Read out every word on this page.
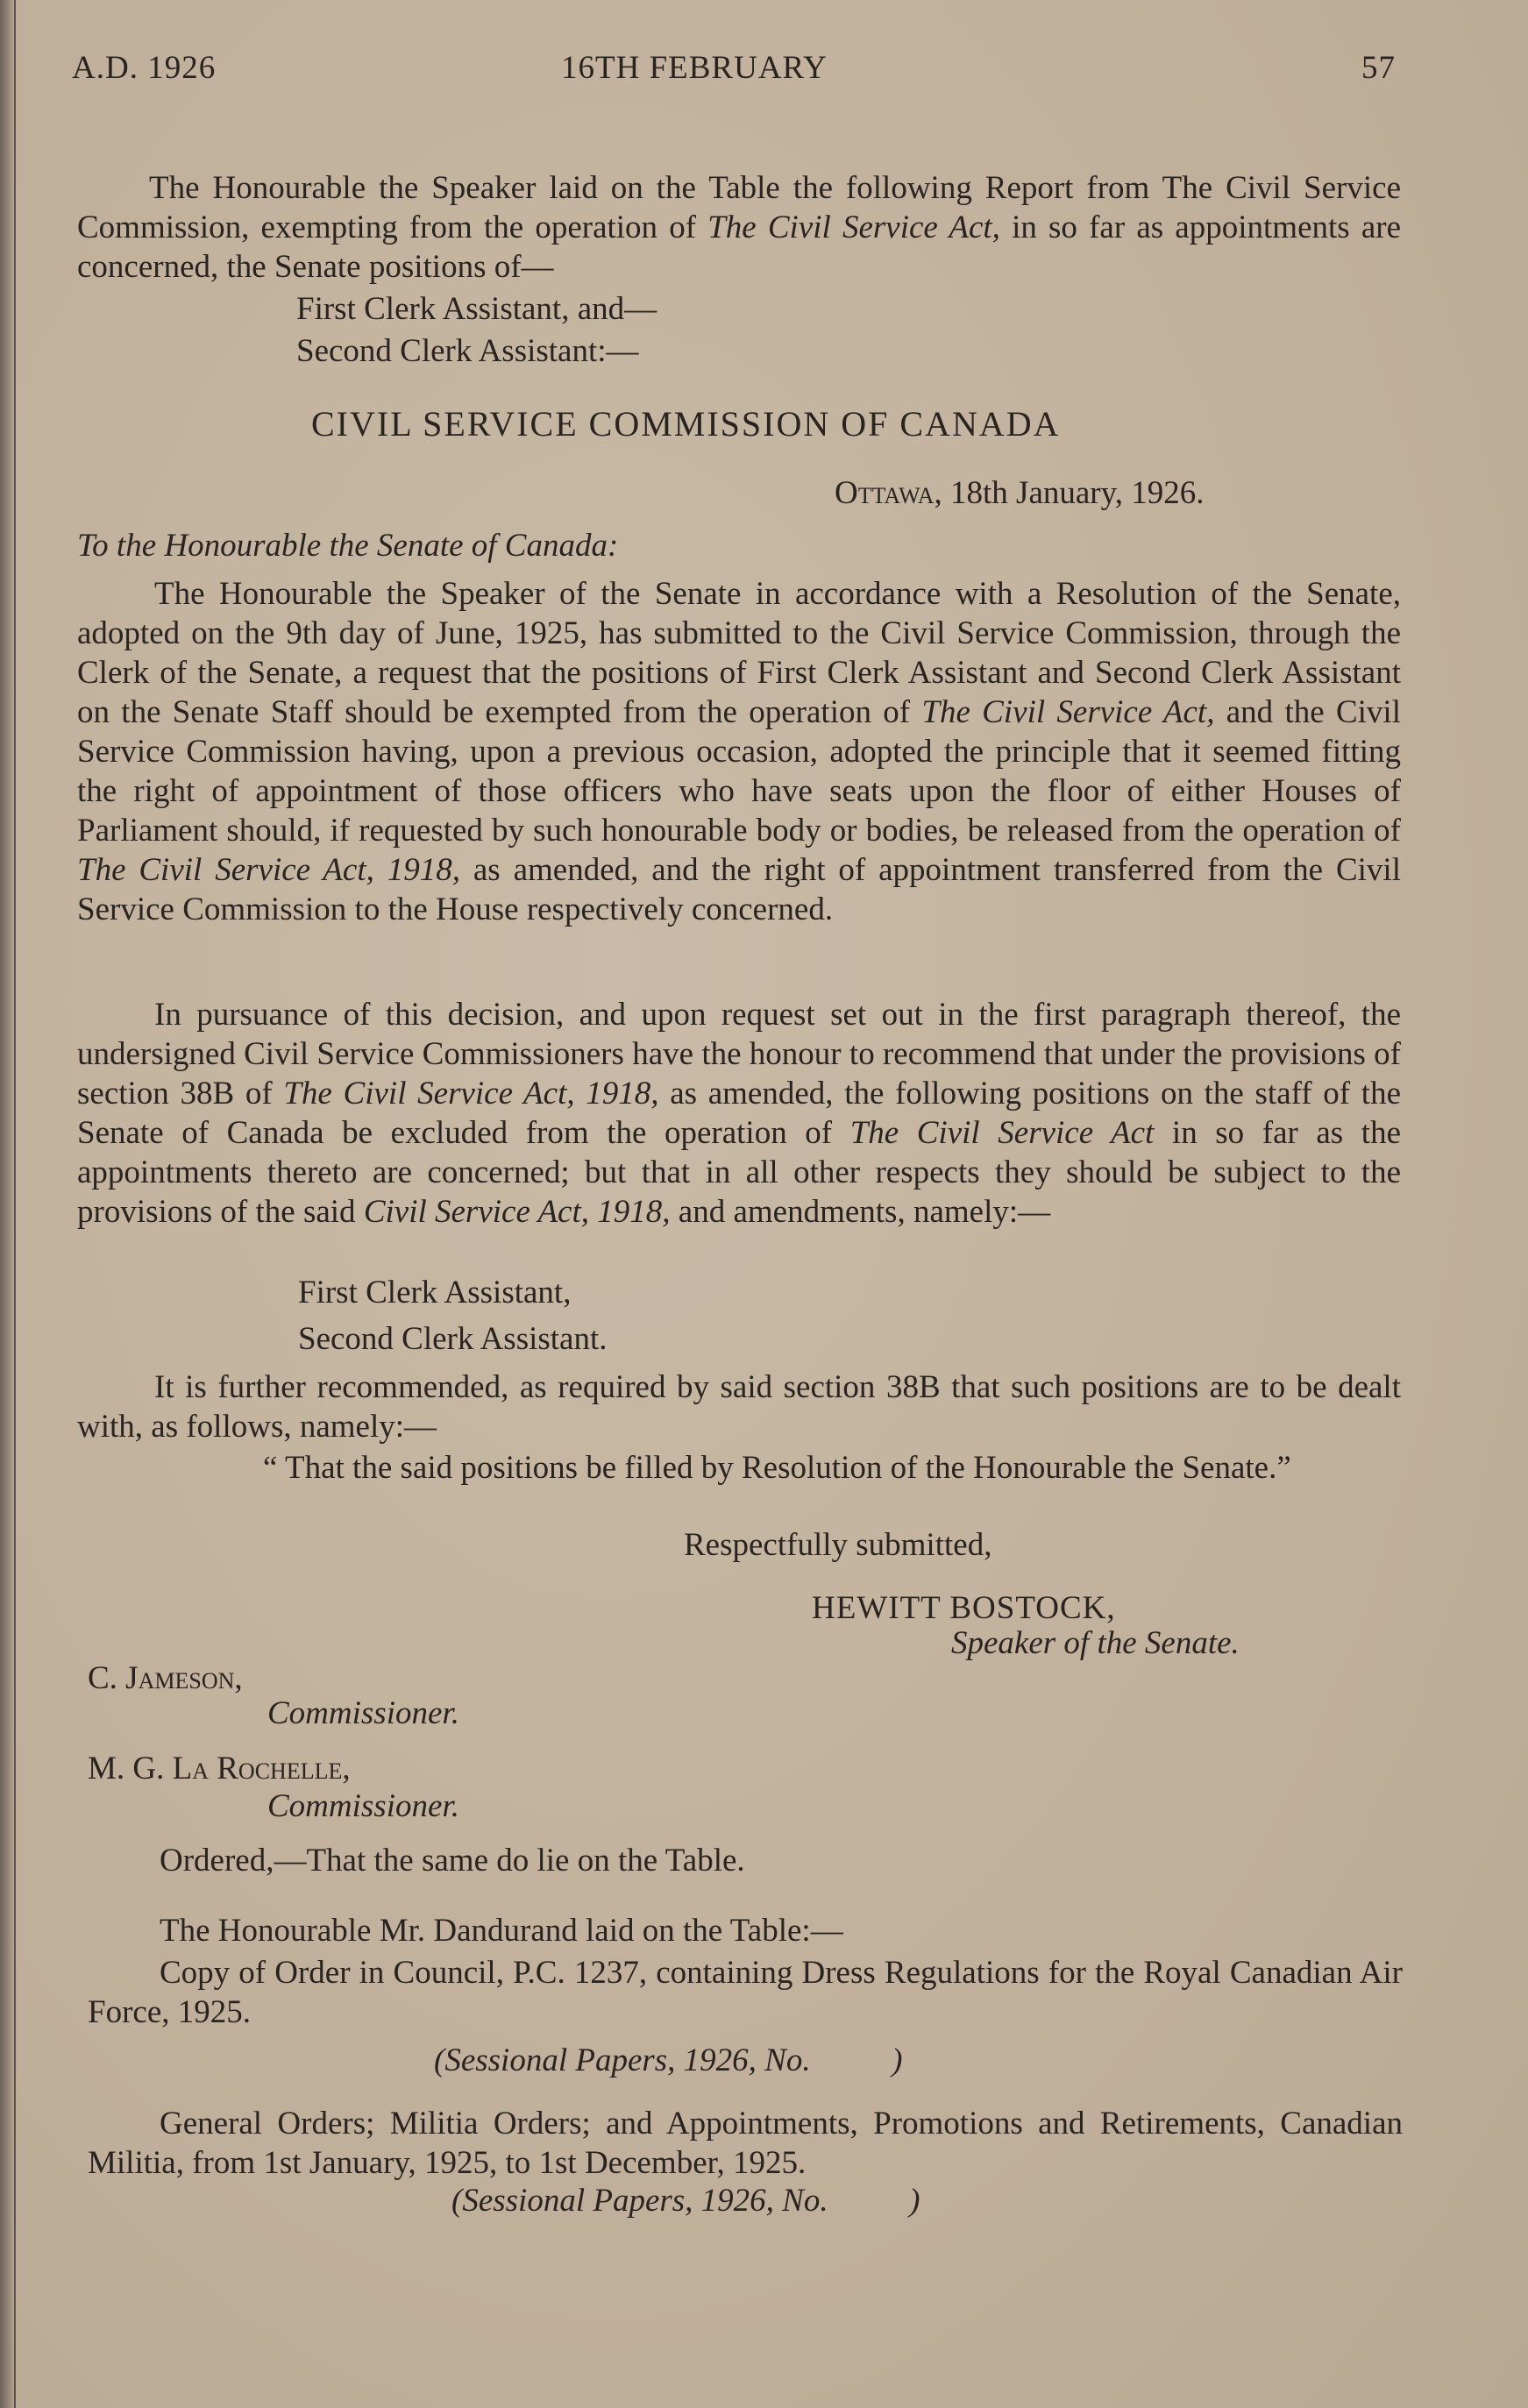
A.D. 1926	16TH FEBRUARY	57

The Honourable the Speaker laid on the Table the following Report from The Civil Service Commission, exempting from the operation of The Civil Service Act, in so far as appointments are concerned, the Senate positions of—

First Clerk Assistant, and—
Second Clerk Assistant:—
CIVIL SERVICE COMMISSION OF CANADA
Ottawa, 18th January, 1926.
To the Honourable the Senate of Canada:

The Honourable the Speaker of the Senate in accordance with a Resolution of the Senate, adopted on the 9th day of June, 1925, has submitted to the Civil Service Commission, through the Clerk of the Senate, a request that the positions of First Clerk Assistant and Second Clerk Assistant on the Senate Staff should be exempted from the operation of The Civil Service Act, and the Civil Service Commission having, upon a previous occasion, adopted the principle that it seemed fitting the right of appointment of those officers who have seats upon the floor of either Houses of Parliament should, if requested by such honourable body or bodies, be released from the operation of The Civil Service Act, 1918, as amended, and the right of appointment transferred from the Civil Service Commission to the House respectively concerned.

In pursuance of this decision, and upon request set out in the first paragraph thereof, the undersigned Civil Service Commissioners have the honour to recommend that under the provisions of section 38B of The Civil Service Act, 1918, as amended, the following positions on the staff of the Senate of Canada be excluded from the operation of The Civil Service Act in so far as the appointments thereto are concerned; but that in all other respects they should be subject to the provisions of the said Civil Service Act, 1918, and amendments, namely:—

First Clerk Assistant,
Second Clerk Assistant.

It is further recommended, as required by said section 38B that such positions are to be dealt with, as follows, namely:—

“ That the said positions be filled by Resolution of the Honourable the Senate.”

Respectfully submitted,
HEWITT BOSTOCK,
Speaker of the Senate.
C. Jameson,
Commissioner.
M. G. La Rochelle,
Commissioner.
Ordered,—That the same do lie on the Table.
The Honourable Mr. Dandurand laid on the Table:—

Copy of Order in Council, P.C. 1237, containing Dress Regulations for the Royal Canadian Air Force, 1925.

(Sessional Papers, 1926, No.          )

General Orders; Militia Orders; and Appointments, Promotions and Retirements, Canadian Militia, from 1st January, 1925, to 1st December, 1925.

(Sessional Papers, 1926, No.          )
